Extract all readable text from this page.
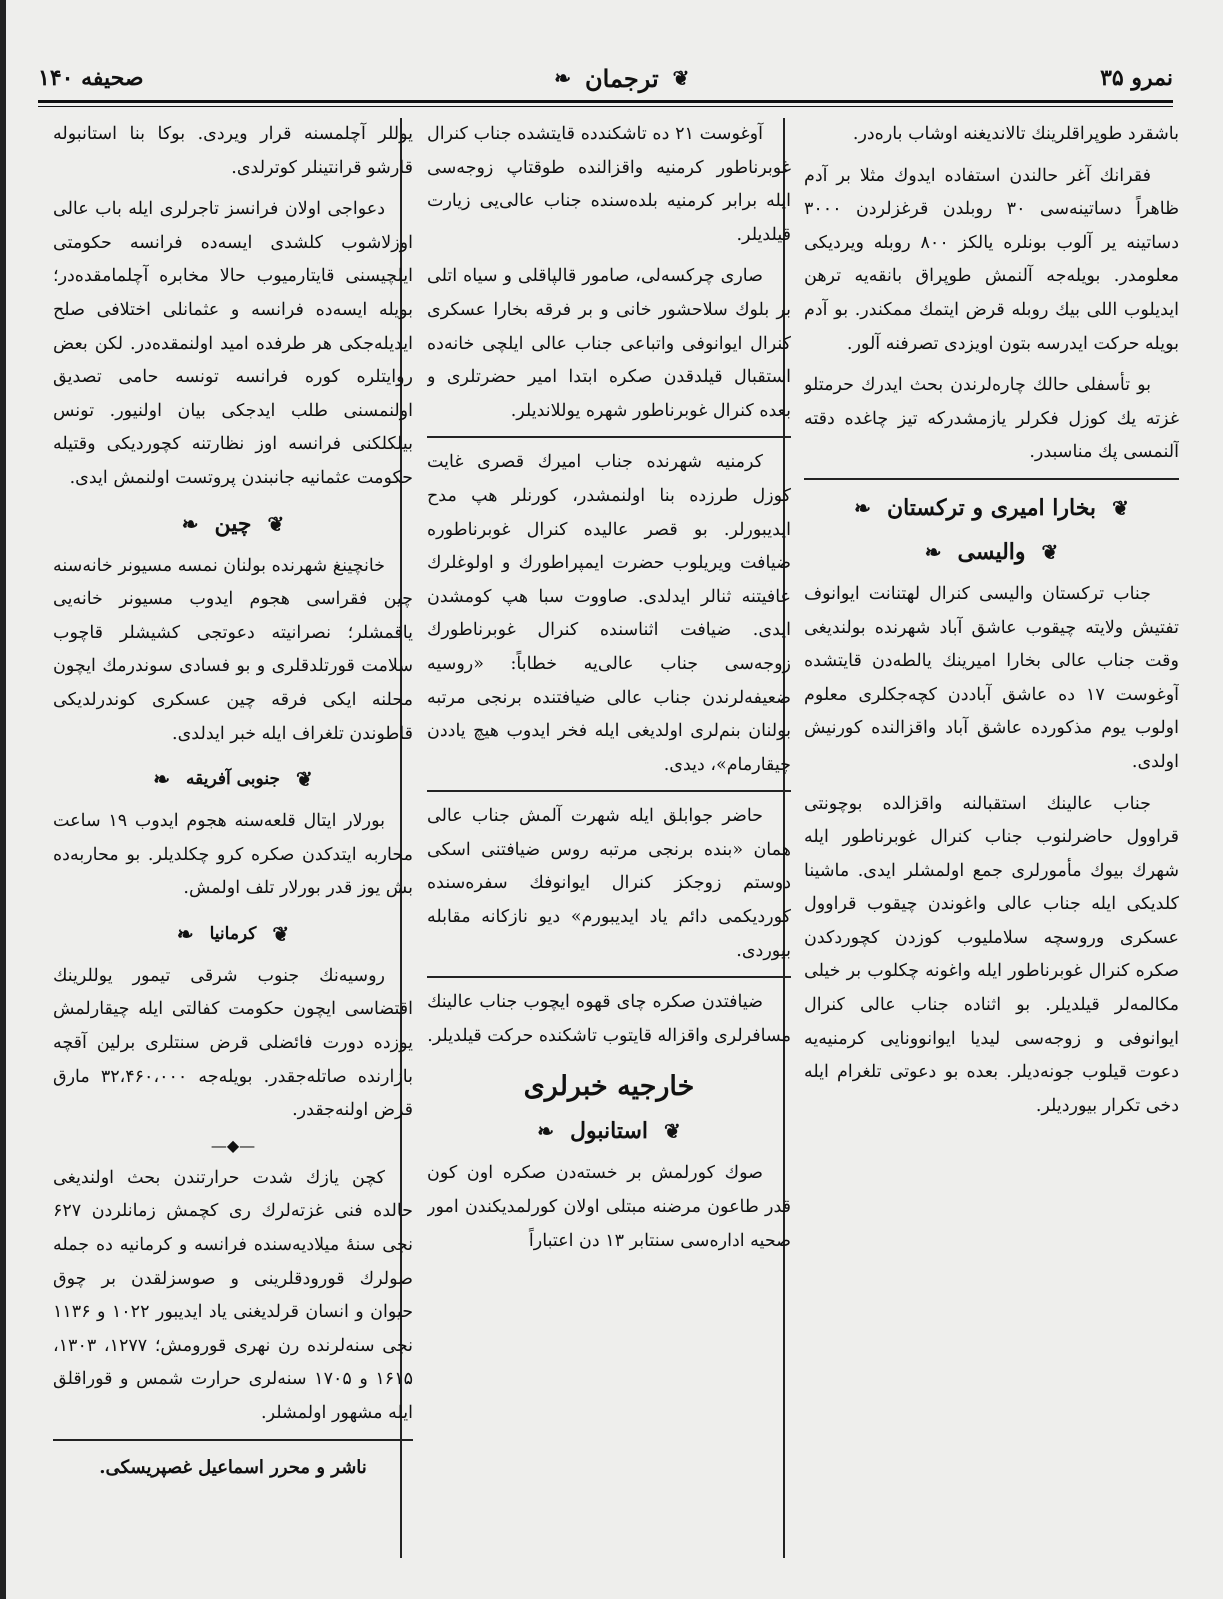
نمرو ۳۵
❦
ترجمان
❧
صحیفه ۱۴۰

باشقرد طوپراقلرینك تالاندیغنه اوشاب باره‌در.

فقرانك آغر حالندن استفاده ایدوك مثلا بر آدم ظاهراً دساتینه‌سی ۳۰ روبلدن قرغزلردن ۳۰۰۰ دساتینه یر آلوب بونلره یالکز ۸۰۰ روبله ویردیکی معلومدر. بویله‌جه آلنمش طوپراق بانقه‌یه ترهن ایدیلوب اللی بیك روبله قرض ایتمك ممکندر. بو آدم بویله حرکت ایدرسه بتون اویزدی تصرفنه آلور.

بو تأسفلی حالك چاره‌لرندن بحث ایدرك حرمتلو غزته‌ یك كوزل فكرلر یازمشدركه تیز چاغده دقته آلنمسی پك مناسبدر.

❦
بخارا امیری و ترکستان
❧
❦
والیسی
❧

جناب ترکستان والیسی کنرال لهتنانت ایوانوف تفتیش ولایته چیقوب عاشق آباد شهرنده بولندیغی وقت جناب عالی بخارا امیرینك یالطه‌دن قایتشده آوغوست ۱۷ ده عاشق آباددن کچه‌جکلری معلوم اولوب یوم مذکورده عاشق آباد واقزالنده کورنیش اولدی.

جناب عالینك استقبالنه واقزالده بوچونتی قراوول حاضرلنوب جناب کنرال غوبرناطور ایله شهرك بیوك مأمورلری جمع اولمشلر ایدی. ماشینا کلدیکی ایله جناب عالی واغوندن چیقوب قراوول عسکری وروسچه سلاملیوب کوزدن کچوردکدن صکره کنرال غوبرناطور ایله واغونه چکلوب بر خیلی مکالمه‌لر قیلدیلر. بو اثناده جناب عالی کنرال ایوانوفی و زوجه‌سی لیدیا ایوانوونایی کرمنیه‌یه دعوت قیلوب جونه‌دیلر. بعده بو دعوتی تلغرام ایله دخی تکرار بیوردیلر.

آوغوست ۲۱ ده تاشکندده قایتشده جناب کنرال غوبرناطور کرمنیه واقزالنده طوقتاپ زوجه‌سی ایله برابر کرمنیه بلده‌سنده جناب عالی‌یی زیارت قیلدیلر.

صاری چرکسه‌لی، صامور قالپاقلی و سیاه اتلی بر بلوك سلاحشور خانی و بر فرقه بخارا عسکری کنرال ایوانوفی واتباعی جناب عالی ایلچی خانه‌ده استقبال قیلدقدن صکره ابتدا امیر حضرتلری و بعده کنرال غوبرناطور شهره یوللاندیلر.

کرمنیه شهرنده جناب امیرك قصری غایت کوزل طرزده بنا اولنمشدر، کورنلر هپ مدح ایدیبورلر. بو قصر عالیده کنرال غوبرناطوره ضیافت ویریلوب حضرت ایمپراطورك و اولوغلرك عافیتنه ثنالر ایدلدی. صاووت سبا هپ کومشدن ایدی. ضیافت اثناسنده کنرال غوبرناطورك زوجه‌سی جناب عالی‌یه خطاباً: «روسیه ضعیفه‌لرندن جناب عالی ضیافتنده برنجی مرتبه بولنان بنم‌لری اولدیغی ایله فخر ایدوب هیچ یاددن چیقارمام»، دیدی.

حاضر جوابلق ایله شهرت آلمش جناب عالی همان «بنده برنجی مرتبه روس ضیافتنی اسکی دوستم زوجکز کنرال ایوانوفك سفره‌سنده کوردیکمی دائم یاد ایدیبورم» دیو نازکانه مقابله بیوردی.

ضیافتدن صکره چای قهوه ایچوب جناب عالینك مسافرلری واقزاله قایتوب تاشکنده حرکت قیلدیلر.

خارجیه خبرلری
❦
استانبول
❧

صوك کورلمش بر خسته‌دن صکره اون کون قدر طاعون مرضنه مبتلی اولان کورلمدیکندن امور صحیه اداره‌سی سنتابر ۱۳ دن اعتباراً

یوللر آچلمسنه قرار ویردی. بوکا بنا استانبوله قارشو قرانتینلر کوترلدی.

دعواجی اولان فرانسز تاجرلری ایله باب عالی اوزلاشوب کلشدی ایسه‌ده فرانسه حکومتی ایلچیسنی قایتارمیوب حالا مخابره آچلمامقده‌در؛ بویله ایسه‌ده فرانسه و عثمانلی اختلافی صلح ایدیله‌جکی هر طرفده امید اولنمقده‌در. لکن بعض روایتلره کوره فرانسه تونسه حامی تصدیق اولنمسنی طلب ایدجکی بیان اولنیور. تونس بیلکلکنی فرانسه اوز نظارتنه کچوردیکی وقتیله حکومت عثمانیه جانبندن پروتست اولنمش ایدی.

❦
چین
❧

خانچینغ شهرنده بولنان نمسه مسیونر خانه‌سنه چین فقراسی هجوم ایدوب مسیونر خانه‌یی یاقمشلر؛ نصرانیته دعوتجی کشیشلر قاچوب سلامت قورتلدقلری و بو فسادی سوندرمك ایچون محلنه ایکی فرقه چین عسکری کوندرلدیکی قاطوندن تلغراف ایله خبر ایدلدی.

❦
جنوبی آفریقه
❧

بورلار ایتال قلعه‌سنه هجوم ایدوب ۱۹ ساعت محاربه ایتدکدن صکره کرو چکلدیلر. بو محاربه‌ده بش یوز قدر بورلار تلف اولمش.

❦
کرمانیا
❧

روسیه‌نك جنوب شرقی تیمور یوللرینك اقتضاسی ایچون حکومت کفالتی ایله چیقارلمش یوزده دورت فائضلی قرض سنتلری برلین آقچه بازارنده صاتله‌جقدر. بویله‌جه ۳۲،۴۶۰،۰۰۰ مارق قرض اولنه‌جقدر.

—◆—

کچن یازك شدت حرارتندن بحث اولندیغی حالده فنی غزته‌لرك ری کچمش زمانلردن ۶۲۷ نجی سنهٔ میلادیه‌سنده فرانسه و کرمانیه ده جمله صولرك قورودقلرینی و صوسزلقدن بر چوق حیوان و انسان قرلدیغنی یاد ایدیبور ۱۰۲۲ و ۱۱۳۶ نجی سنه‌لرنده رن نهری قورومش؛ ۱۲۷۷، ۱۳۰۳، ۱۶۱۵ و ۱۷۰۵ سنه‌لری حرارت شمس و قوراقلق ایله مشهور اولمشلر.

ناشر و محرر اسماعیل غصپریسکی.
